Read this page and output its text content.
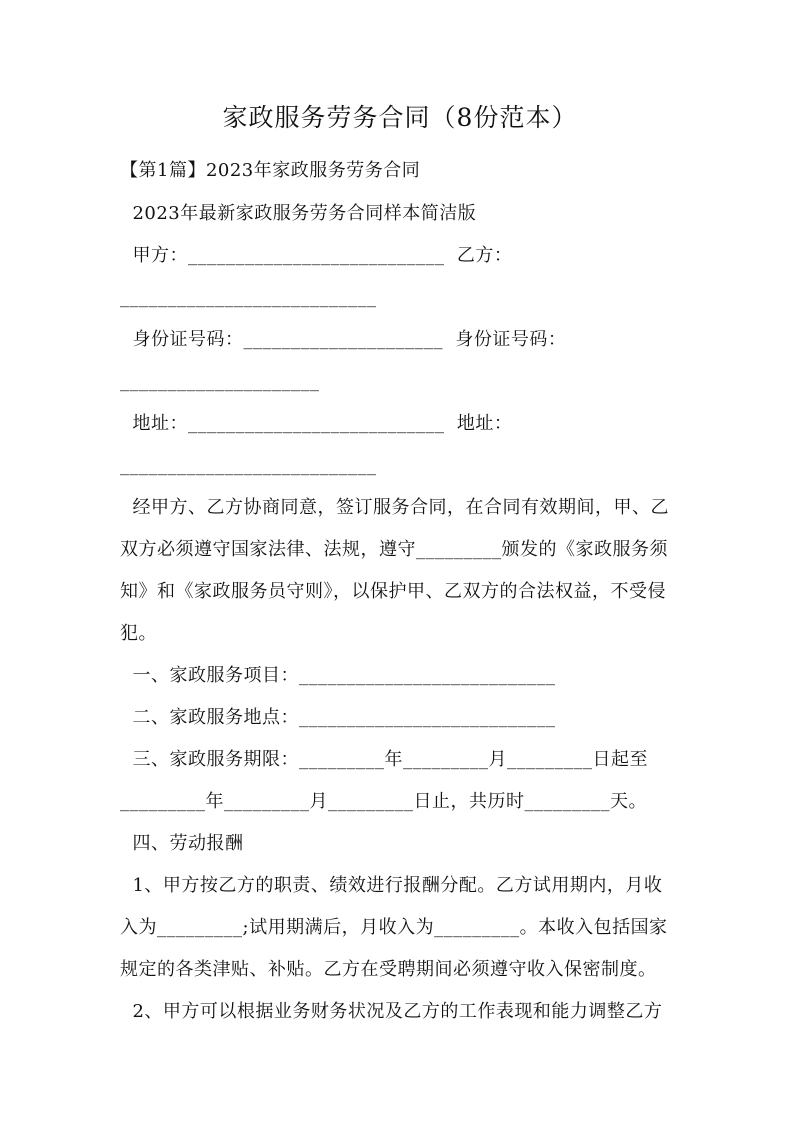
家政服务劳务合同（8份范本）
【第1篇】2023年家政服务劳务合同
2023年最新家政服务劳务合同样本简洁版
甲方：___________________________  乙方：
___________________________
身份证号码：_____________________  身份证号码：
_____________________
地址：___________________________  地址：
___________________________
经甲方、乙方协商同意，签订服务合同，在合同有效期间，甲、乙
双方必须遵守国家法律、法规，遵守_________颁发的《家政服务须
知》和《家政服务员守则》，以保护甲、乙双方的合法权益，不受侵
犯。
一、家政服务项目：___________________________
二、家政服务地点：___________________________
三、家政服务期限：_________年_________月_________日起至
_________年_________月_________日止，共历时_________天。
四、劳动报酬
1、甲方按乙方的职责、绩效进行报酬分配。乙方试用期内，月收
入为_________;试用期满后，月收入为_________。本收入包括国家
规定的各类津贴、补贴。乙方在受聘期间必须遵守收入保密制度。
2、甲方可以根据业务财务状况及乙方的工作表现和能力调整乙方
